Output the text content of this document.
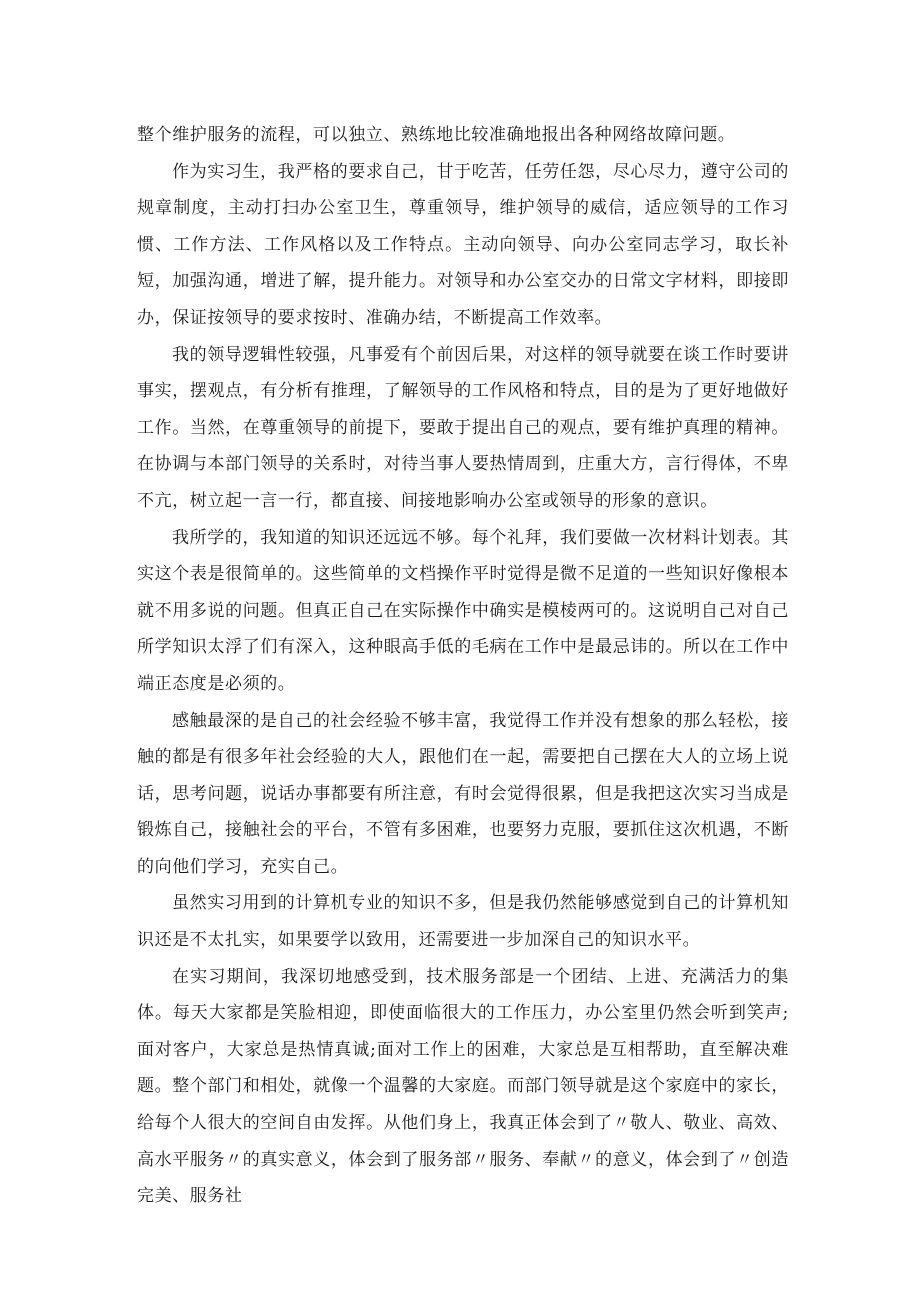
整个维护服务的流程，可以独立、熟练地比较准确地报出各种网络故障问题。

作为实习生，我严格的要求自己，甘于吃苦，任劳任怨，尽心尽力，遵守公司的规章制度，主动打扫办公室卫生，尊重领导，维护领导的威信，适应领导的工作习惯、工作方法、工作风格以及工作特点。主动向领导、向办公室同志学习，取长补短，加强沟通，增进了解，提升能力。对领导和办公室交办的日常文字材料，即接即办，保证按领导的要求按时、准确办结，不断提高工作效率。

我的领导逻辑性较强，凡事爱有个前因后果，对这样的领导就要在谈工作时要讲事实，摆观点，有分析有推理，了解领导的工作风格和特点，目的是为了更好地做好工作。当然，在尊重领导的前提下，要敢于提出自己的观点，要有维护真理的精神。在协调与本部门领导的关系时，对待当事人要热情周到，庄重大方，言行得体，不卑不亢，树立起一言一行，都直接、间接地影响办公室或领导的形象的意识。

我所学的，我知道的知识还远远不够。每个礼拜，我们要做一次材料计划表。其实这个表是很简单的。这些简单的文档操作平时觉得是微不足道的一些知识好像根本就不用多说的问题。但真正自己在实际操作中确实是模棱两可的。这说明自己对自己所学知识太浮了们有深入，这种眼高手低的毛病在工作中是最忌讳的。所以在工作中端正态度是必须的。

感触最深的是自己的社会经验不够丰富，我觉得工作并没有想象的那么轻松，接触的都是有很多年社会经验的大人，跟他们在一起，需要把自己摆在大人的立场上说话，思考问题，说话办事都要有所注意，有时会觉得很累，但是我把这次实习当成是锻炼自己，接触社会的平台，不管有多困难，也要努力克服，要抓住这次机遇，不断的向他们学习，充实自己。

虽然实习用到的计算机专业的知识不多，但是我仍然能够感觉到自己的计算机知识还是不太扎实，如果要学以致用，还需要进一步加深自己的知识水平。

在实习期间，我深切地感受到，技术服务部是一个团结、上进、充满活力的集体。每天大家都是笑脸相迎，即使面临很大的工作压力，办公室里仍然会听到笑声;面对客户，大家总是热情真诚;面对工作上的困难，大家总是互相帮助，直至解决难题。整个部门和相处，就像一个温馨的大家庭。而部门领导就是这个家庭中的家长，给每个人很大的空间自由发挥。从他们身上，我真正体会到了〃敬人、敬业、高效、高水平服务〃的真实意义，体会到了服务部〃服务、奉献〃的意义，体会到了〃创造完美、服务社
